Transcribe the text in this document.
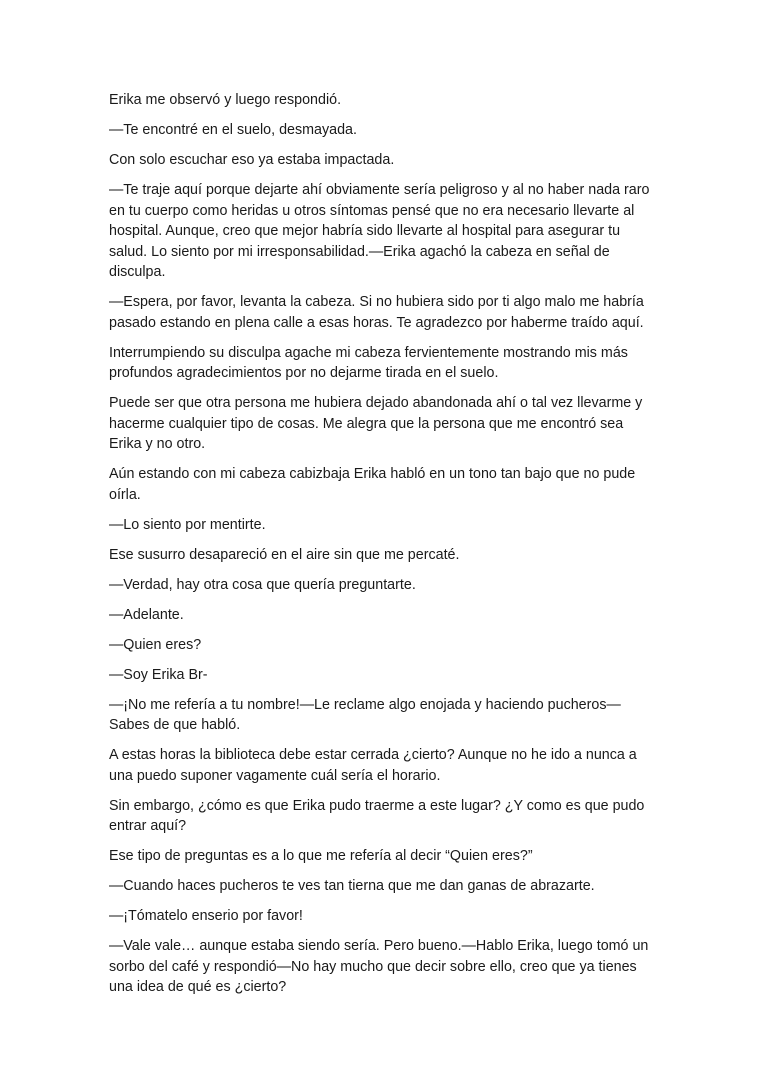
Erika me observó y luego respondió.

—Te encontré en el suelo, desmayada.

Con solo escuchar eso ya estaba impactada.

—Te traje aquí porque dejarte ahí obviamente sería peligroso y al no haber nada raro en tu cuerpo como heridas u otros síntomas pensé que no era necesario llevarte al hospital. Aunque, creo que mejor habría sido llevarte al hospital para asegurar tu salud. Lo siento por mi irresponsabilidad.—Erika agachó la cabeza en señal de disculpa.

—Espera, por favor, levanta la cabeza. Si no hubiera sido por ti algo malo me habría pasado estando en plena calle a esas horas. Te agradezco por haberme traído aquí.

Interrumpiendo su disculpa agache mi cabeza fervientemente mostrando mis más profundos agradecimientos por no dejarme tirada en el suelo.

Puede ser que otra persona me hubiera dejado abandonada ahí o tal vez llevarme y hacerme cualquier tipo de cosas. Me alegra que la persona que me encontró sea Erika y no otro.

Aún estando con mi cabeza cabizbaja Erika habló en un tono tan bajo que no pude oírla.

—Lo siento por mentirte.

Ese susurro desapareció en el aire sin que me percaté.

—Verdad, hay otra cosa que quería preguntarte.

—Adelante.

—Quien eres?

—Soy Erika Br-

—¡No me refería a tu nombre!—Le reclame algo enojada y haciendo pucheros—Sabes de que habló.

A estas horas la biblioteca debe estar cerrada ¿cierto? Aunque no he ido a nunca a una puedo suponer vagamente cuál sería el horario.

Sin embargo, ¿cómo es que Erika pudo traerme a este lugar? ¿Y como es que pudo entrar aquí?

Ese tipo de preguntas es a lo que me refería al decir “Quien eres?”

—Cuando haces pucheros te ves tan tierna que me dan ganas de abrazarte.

—¡Tómatelo enserio por favor!

—Vale vale… aunque estaba siendo sería. Pero bueno.—Hablo Erika, luego tomó un sorbo del café y respondió—No hay mucho que decir sobre ello, creo que ya tienes una idea de qué es ¿cierto?
